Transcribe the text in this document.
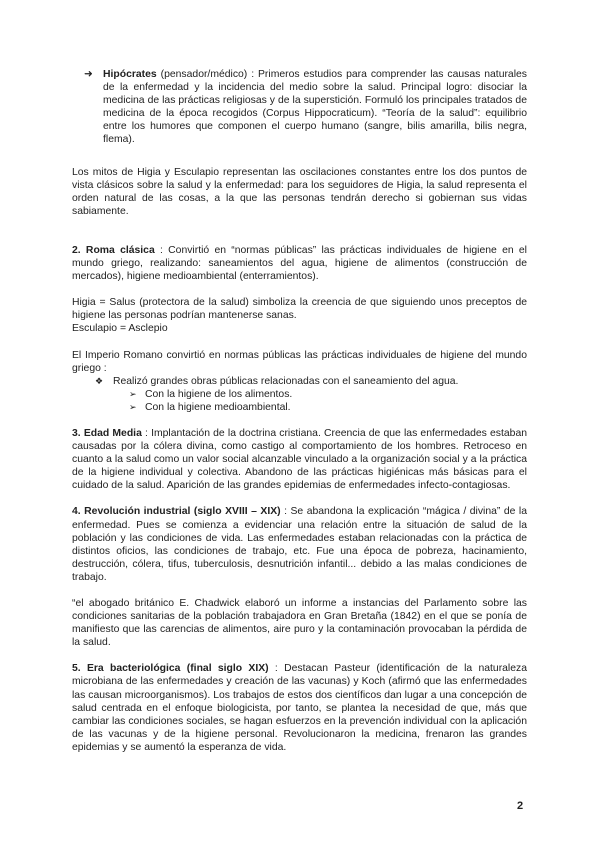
➜ Hipócrates (pensador/médico) : Primeros estudios para comprender las causas naturales de la enfermedad y la incidencia del medio sobre la salud. Principal logro: disociar la medicina de las prácticas religiosas y de la superstición. Formuló los principales tratados de medicina de la época recogidos (Corpus Hippocraticum). “Teoría de la salud”: equilibrio entre los humores que componen el cuerpo humano (sangre, bilis amarilla, bilis negra, flema).

Los mitos de Higia y Esculapio representan las oscilaciones constantes entre los dos puntos de vista clásicos sobre la salud y la enfermedad: para los seguidores de Higia, la salud representa el orden natural de las cosas, a la que las personas tendrán derecho si gobiernan sus vidas sabiamente.

2. Roma clásica : Convirtió en “normas públicas” las prácticas individuales de higiene en el mundo griego, realizando: saneamientos del agua, higiene de alimentos (construcción de mercados), higiene medioambiental (enterramientos).

Higia = Salus (protectora de la salud) simboliza la creencia de que siguiendo unos preceptos de higiene las personas podrían mantenerse sanas.

Esculapio = Asclepio

El Imperio Romano convirtió en normas públicas las prácticas individuales de higiene del mundo griego :

❖ Realizó grandes obras públicas relacionadas con el saneamiento del agua.
➢ Con la higiene de los alimentos.
➢ Con la higiene medioambiental.

3. Edad Media : Implantación de la doctrina cristiana. Creencia de que las enfermedades estaban causadas por la cólera divina, como castigo al comportamiento de los hombres. Retroceso en cuanto a la salud como un valor social alcanzable vinculado a la organización social y a la práctica de la higiene individual y colectiva. Abandono de las prácticas higiénicas más básicas para el cuidado de la salud. Aparición de las grandes epidemias de enfermedades infecto-contagiosas.

4. Revolución industrial (siglo XVIII – XIX) : Se abandona la explicación “mágica / divina” de la enfermedad. Pues se comienza a evidenciar una relación entre la situación de salud de la población y las condiciones de vida. Las enfermedades estaban relacionadas con la práctica de distintos oficios, las condiciones de trabajo, etc. Fue una época de pobreza, hacinamiento, destrucción, cólera, tifus, tuberculosis, desnutrición infantil... debido a las malas condiciones de trabajo.

“el abogado británico E. Chadwick elaboró un informe a instancias del Parlamento sobre las condiciones sanitarias de la población trabajadora en Gran Bretaña (1842) en el que se ponía de manifiesto que las carencias de alimentos, aire puro y la contaminación provocaban la pérdida de la salud.

5. Era bacteriológica (final siglo XIX) : Destacan Pasteur (identificación de la naturaleza microbiana de las enfermedades y creación de las vacunas) y Koch (afirmó que las enfermedades las causan microorganismos). Los trabajos de estos dos científicos dan lugar a una concepción de salud centrada en el enfoque biologicista, por tanto, se plantea la necesidad de que, más que cambiar las condiciones sociales, se hagan esfuerzos en la prevención individual con la aplicación de las vacunas y de la higiene personal. Revolucionaron la medicina, frenaron las grandes epidemias y se aumentó la esperanza de vida.

2
